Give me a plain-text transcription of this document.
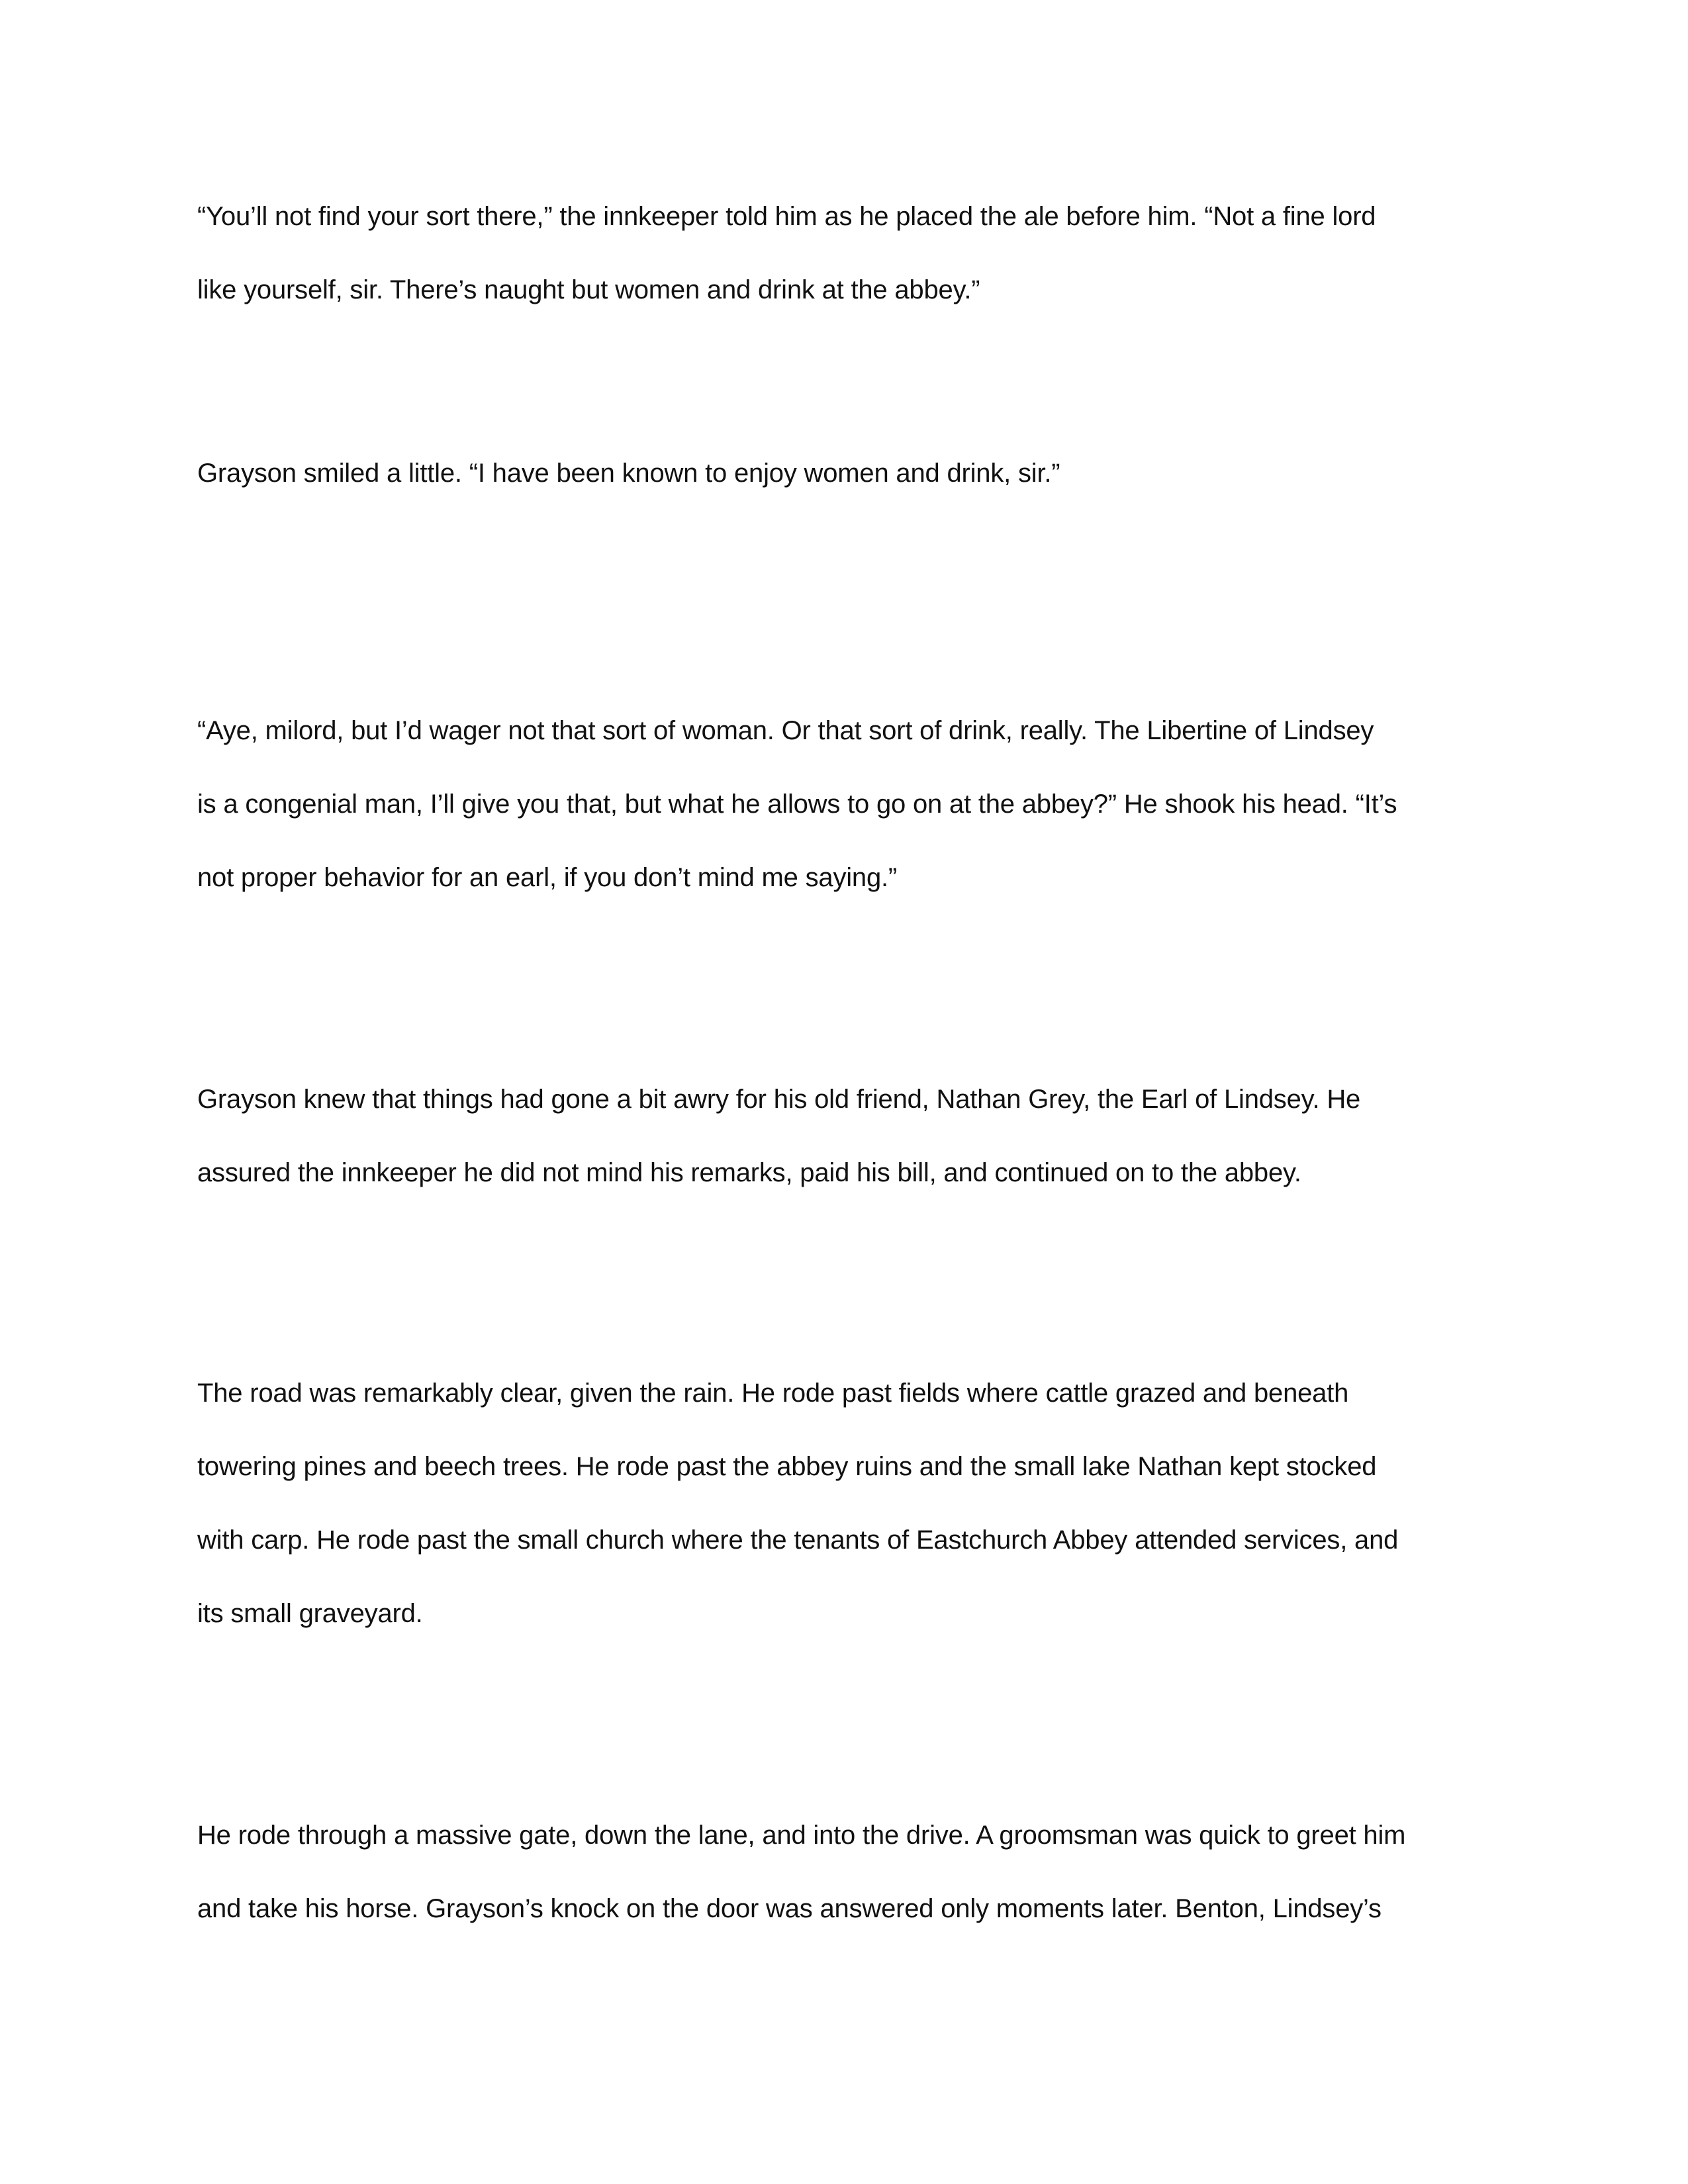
“You’ll not find your sort there,” the innkeeper told him as he placed the ale before him. “Not a fine lord

like yourself, sir. There’s naught but women and drink at the abbey.”

Grayson smiled a little. “I have been known to enjoy women and drink, sir.”

“Aye, milord, but I’d wager not that sort of woman. Or that sort of drink, really. The Libertine of Lindsey

is a congenial man, I’ll give you that, but what he allows to go on at the abbey?” He shook his head. “It’s

not proper behavior for an earl, if you don’t mind me saying.”

Grayson knew that things had gone a bit awry for his old friend, Nathan Grey, the Earl of Lindsey. He

assured the innkeeper he did not mind his remarks, paid his bill, and continued on to the abbey.

The road was remarkably clear, given the rain. He rode past fields where cattle grazed and beneath

towering pines and beech trees. He rode past the abbey ruins and the small lake Nathan kept stocked

with carp. He rode past the small church where the tenants of Eastchurch Abbey attended services, and

its small graveyard.

He rode through a massive gate, down the lane, and into the drive. A groomsman was quick to greet him

and take his horse. Grayson’s knock on the door was answered only moments later. Benton, Lindsey’s
